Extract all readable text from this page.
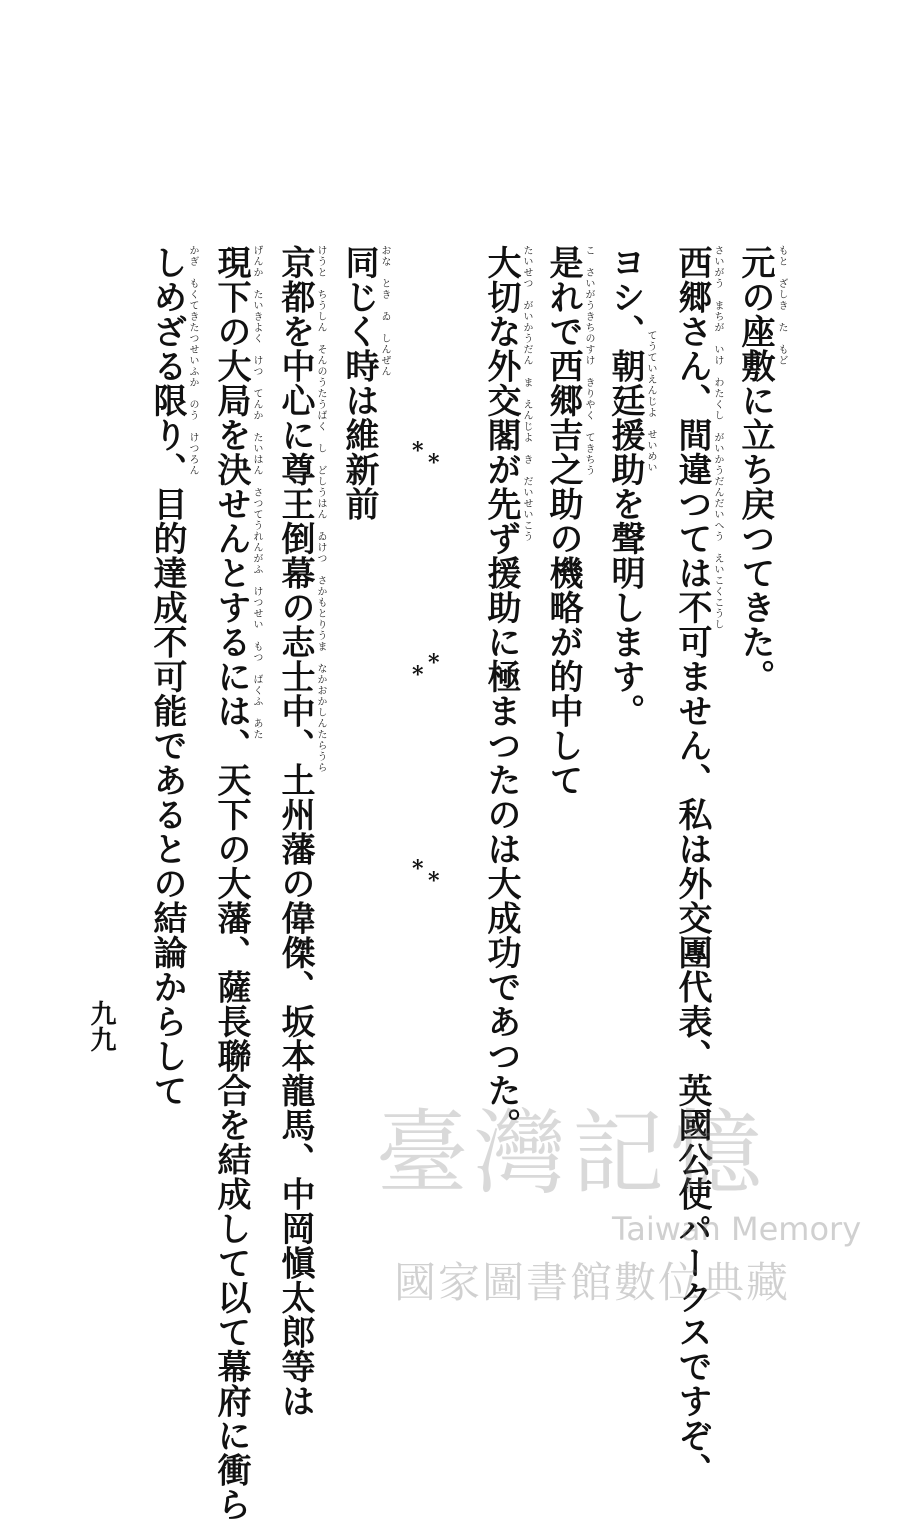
元の座敷に立ち戻つてきた。 もと　ざしき　た　もど
西郷さん、間違つては不可ません、私は外交團代表、英國公使パークスですぞ、 さいがう　まちが　いけ　わたくし　がいかうだんだいへう　えいこくこうし
ヨシ、朝廷援助を聲明します。 てうていえんじよ　せいめい
是れで西郷吉之助の機略が的中して こ　さいがうきちのすけ　きりやく　てきちう
大切な外交閣が先ず援助に極まつたのは大成功であつた。 たいせつ　がいかうだん　ま　えんじよ　き　だいせいこう
* *
*
*
* *
同じく時は維新前 おな　とき　ゐ　しんぜん
京都を中心に尊王倒幕の志士中、土州藩の偉傑、坂本龍馬、中岡愼太郎等は けうと　ちうしん　そんのうたうばく　し　どしうはん　ゐけつ　さかもとりうま　なかおかしんたらうら
現下の大局を決せんとするには、天下の大藩、薩長聯合を結成して以て幕府に衝ら げんか　たいきよく　けつ　てんか　たいはん　さつてうれんがふ　けつせい　もつ　ばくふ　あた
しめざる限り、目的達成不可能であるとの結論からして かぎ　もくてきたつせいふか　のう　けつろん
九九
臺灣記憶
Taiwan Memory
國家圖書館數位典藏
